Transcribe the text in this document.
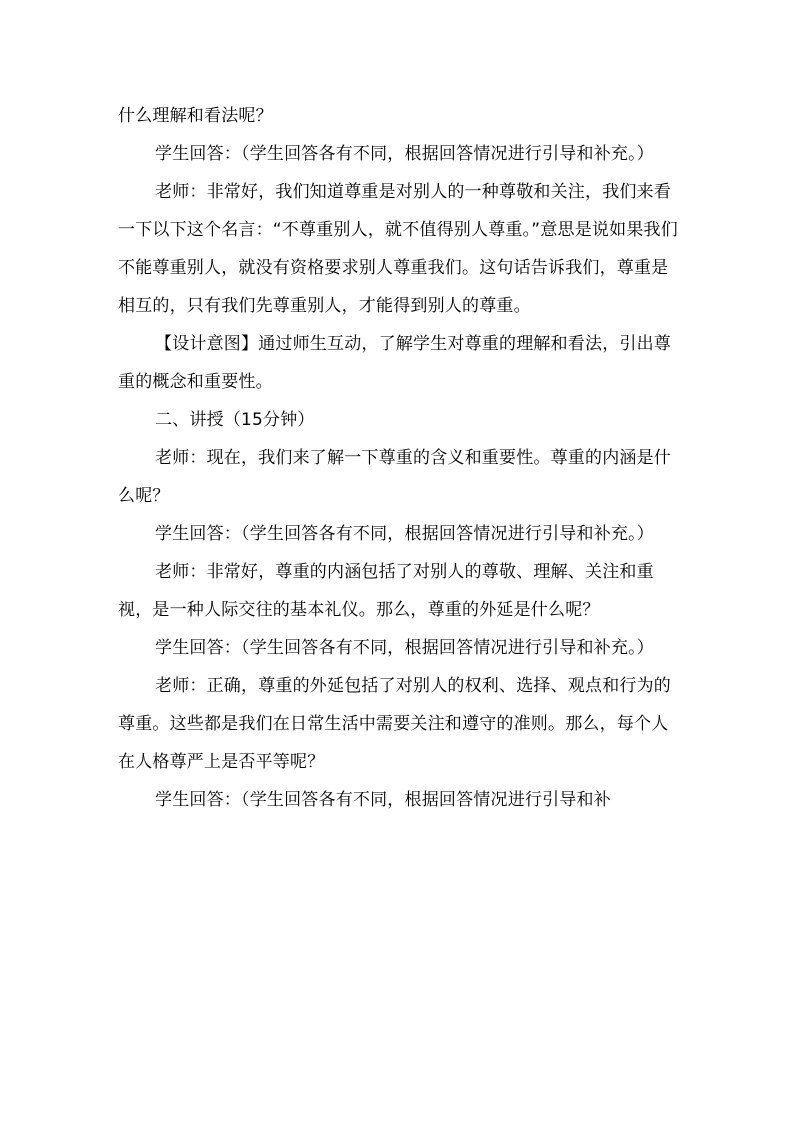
什么理解和看法呢？

学生回答：（学生回答各有不同，根据回答情况进行引导和补充。）

老师：非常好，我们知道尊重是对别人的一种尊敬和关注，我们来看一下以下这个名言：“不尊重别人，就不值得别人尊重。”意思是说如果我们不能尊重别人，就没有资格要求别人尊重我们。这句话告诉我们，尊重是相互的，只有我们先尊重别人，才能得到别人的尊重。

【设计意图】通过师生互动，了解学生对尊重的理解和看法，引出尊重的概念和重要性。

二、讲授（15分钟）

老师：现在，我们来了解一下尊重的含义和重要性。尊重的内涵是什么呢？

学生回答：（学生回答各有不同，根据回答情况进行引导和补充。）

老师：非常好，尊重的内涵包括了对别人的尊敬、理解、关注和重视，是一种人际交往的基本礼仪。那么，尊重的外延是什么呢？

学生回答：（学生回答各有不同，根据回答情况进行引导和补充。）

老师：正确，尊重的外延包括了对别人的权利、选择、观点和行为的尊重。这些都是我们在日常生活中需要关注和遵守的准则。那么，每个人在人格尊严上是否平等呢？

学生回答：（学生回答各有不同，根据回答情况进行引导和补
